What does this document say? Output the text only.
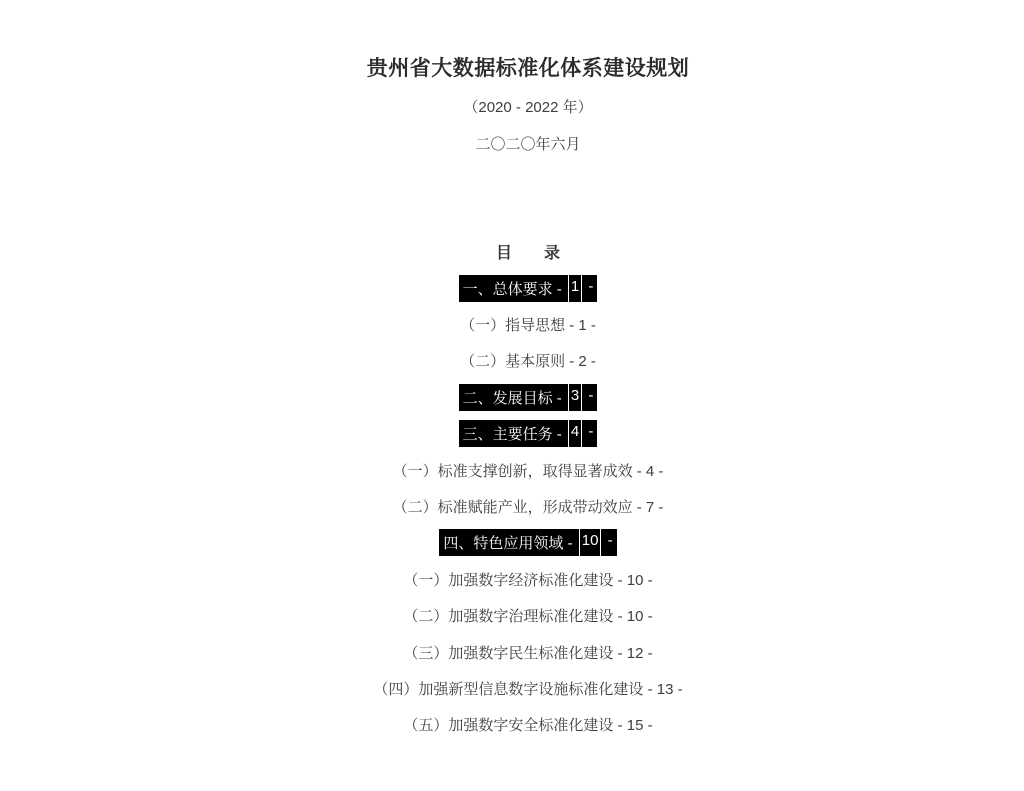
贵州省大数据标准化体系建设规划
（2020 - 2022 年）
二〇二〇年六月
目　　录
一、总体要求 - 1 -
（一）指导思想 - 1 -
（二）基本原则 - 2 -
二、发展目标 - 3 -
三、主要任务 - 4 -
（一）标准支撑创新，取得显著成效 - 4 -
（二）标准赋能产业，形成带动效应 - 7 -
四、特色应用领域 - 10 -
（一）加强数字经济标准化建设 - 10 -
（二）加强数字治理标准化建设 - 10 -
（三）加强数字民生标准化建设 - 12 -
（四）加强新型信息数字设施标准化建设 - 13 -
（五）加强数字安全标准化建设 - 15 -
